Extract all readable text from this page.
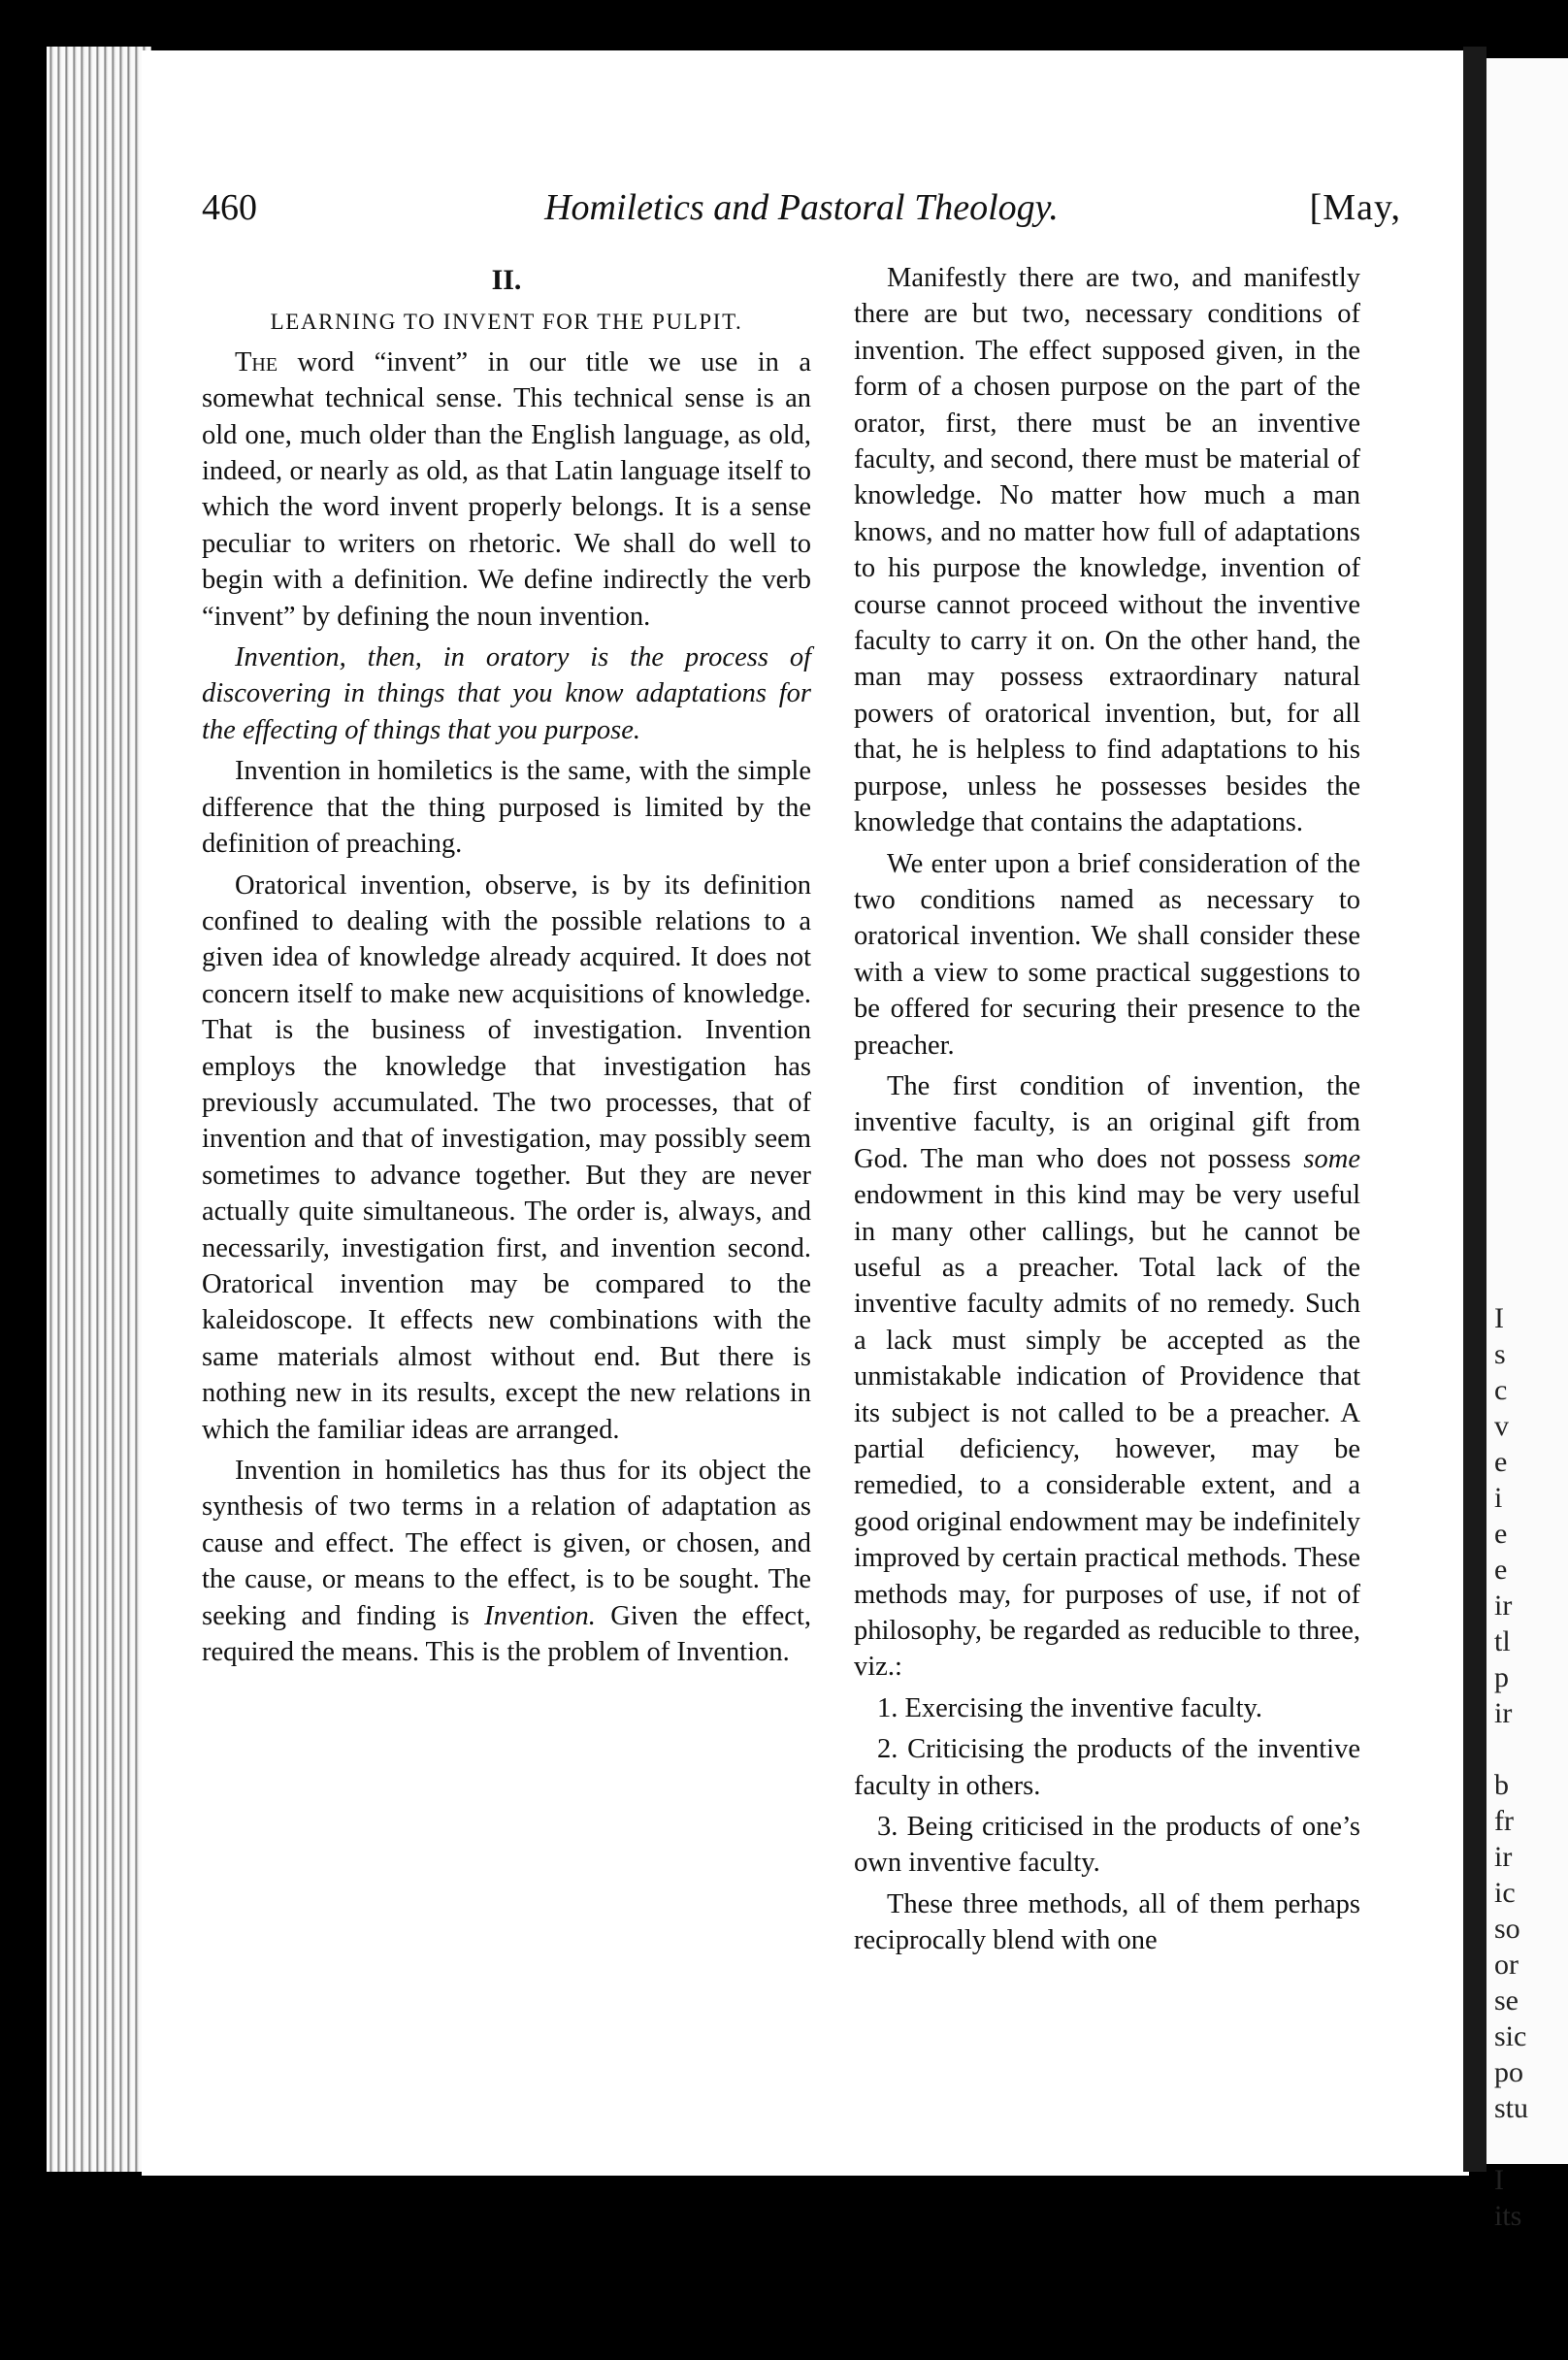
I
s
c
v
e
i
e
e
ir
tl
p
ir

b
fr
ir
ic
so
or
se
sic
po
stu

I
its
460	Homiletics and Pastoral Theology.	[May,
II.
LEARNING TO INVENT FOR THE PULPIT.

The word “invent” in our title we use in a somewhat technical sense. This technical sense is an old one, much older than the English language, as old, indeed, or nearly as old, as that Latin language itself to which the word invent properly belongs. It is a sense peculiar to writers on rhetoric. We shall do well to begin with a definition. We define indirectly the verb “invent” by defining the noun invention.

Invention, then, in oratory is the process of discovering in things that you know adaptations for the effecting of things that you purpose.

Invention in homiletics is the same, with the simple difference that the thing purposed is limited by the definition of preaching.

Oratorical invention, observe, is by its definition confined to dealing with the possible relations to a given idea of knowledge already acquired. It does not concern itself to make new acquisitions of knowledge. That is the business of investigation. Invention employs the knowledge that investigation has previously accumulated. The two processes, that of invention and that of investigation, may possibly seem sometimes to advance together. But they are never actually quite simultaneous. The order is, always, and necessarily, investigation first, and invention second. Oratorical invention may be compared to the kaleidoscope. It effects new combinations with the same materials almost without end. But there is nothing new in its results, except the new relations in which the familiar ideas are arranged.

Invention in homiletics has thus for its object the synthesis of two terms in a relation of adaptation as cause and effect. The effect is given, or chosen, and the cause, or means to the effect, is to be sought. The seeking and finding is Invention. Given the effect, required the means. This is the problem of Invention.

Manifestly there are two, and manifestly there are but two, necessary conditions of invention. The effect supposed given, in the form of a chosen purpose on the part of the orator, first, there must be an inventive faculty, and second, there must be material of knowledge. No matter how much a man knows, and no matter how full of adaptations to his purpose the knowledge, invention of course cannot proceed without the inventive faculty to carry it on. On the other hand, the man may possess extraordinary natural powers of oratorical invention, but, for all that, he is helpless to find adaptations to his purpose, unless he possesses besides the knowledge that contains the adaptations.

We enter upon a brief consideration of the two conditions named as necessary to oratorical invention. We shall consider these with a view to some practical suggestions to be offered for securing their presence to the preacher.

The first condition of invention, the inventive faculty, is an original gift from God. The man who does not possess some endowment in this kind may be very useful in many other callings, but he cannot be useful as a preacher. Total lack of the inventive faculty admits of no remedy. Such a lack must simply be accepted as the unmistakable indication of Providence that its subject is not called to be a preacher. A partial deficiency, however, may be remedied, to a considerable extent, and a good original endowment may be indefinitely improved by certain practical methods. These methods may, for purposes of use, if not of philosophy, be regarded as reducible to three, viz.:

1. Exercising the inventive faculty.

2. Criticising the products of the inventive faculty in others.

3. Being criticised in the products of one’s own inventive faculty.

These three methods, all of them perhaps reciprocally blend with one
